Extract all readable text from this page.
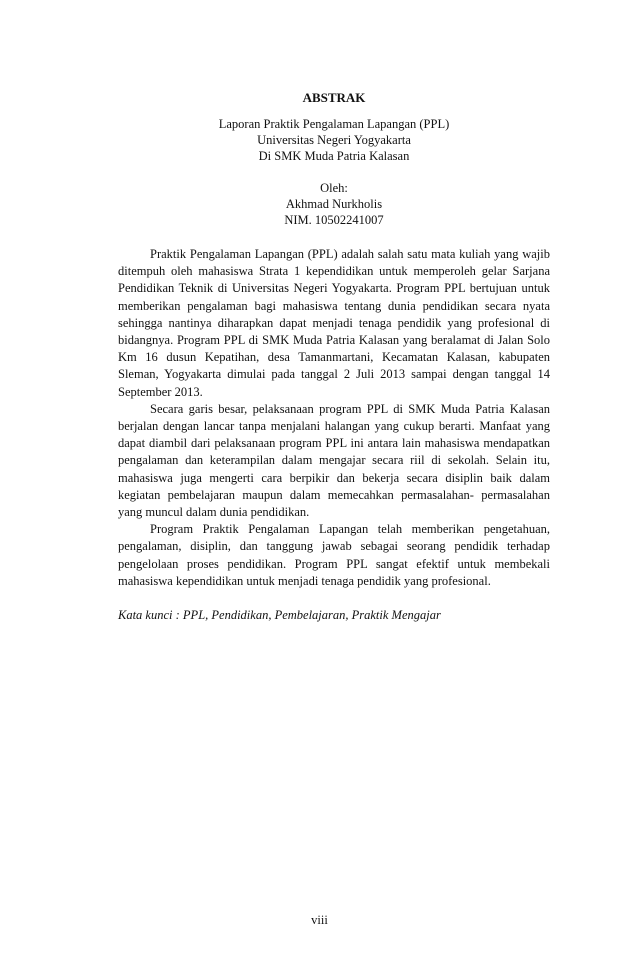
ABSTRAK
Laporan Praktik Pengalaman Lapangan (PPL)
Universitas Negeri Yogyakarta
Di SMK Muda Patria Kalasan
Oleh:
Akhmad Nurkholis
NIM. 10502241007

Praktik Pengalaman Lapangan (PPL) adalah salah satu mata kuliah yang wajib ditempuh oleh mahasiswa Strata 1 kependidikan untuk memperoleh gelar Sarjana Pendidikan Teknik di Universitas Negeri Yogyakarta. Program PPL bertujuan untuk memberikan pengalaman bagi mahasiswa tentang dunia pendidikan secara nyata sehingga nantinya diharapkan dapat menjadi tenaga pendidik yang profesional di bidangnya. Program PPL di SMK Muda Patria Kalasan yang beralamat di Jalan Solo Km 16 dusun Kepatihan, desa Tamanmartani, Kecamatan Kalasan, kabupaten Sleman, Yogyakarta dimulai pada tanggal 2 Juli 2013 sampai dengan tanggal 14 September 2013.

Secara garis besar, pelaksanaan program PPL di SMK Muda Patria Kalasan berjalan dengan lancar tanpa menjalani halangan yang cukup berarti. Manfaat yang dapat diambil dari pelaksanaan program PPL ini antara lain mahasiswa mendapatkan pengalaman dan keterampilan dalam mengajar secara riil di sekolah. Selain itu, mahasiswa juga mengerti cara berpikir dan bekerja secara disiplin baik dalam kegiatan pembelajaran maupun dalam memecahkan permasalahan- permasalahan yang muncul dalam dunia pendidikan.

Program Praktik Pengalaman Lapangan telah memberikan pengetahuan, pengalaman, disiplin, dan tanggung jawab sebagai seorang pendidik terhadap pengelolaan proses pendidikan. Program PPL sangat efektif untuk membekali mahasiswa kependidikan untuk menjadi tenaga pendidik yang profesional.

Kata kunci : PPL, Pendidikan, Pembelajaran, Praktik Mengajar
viii
